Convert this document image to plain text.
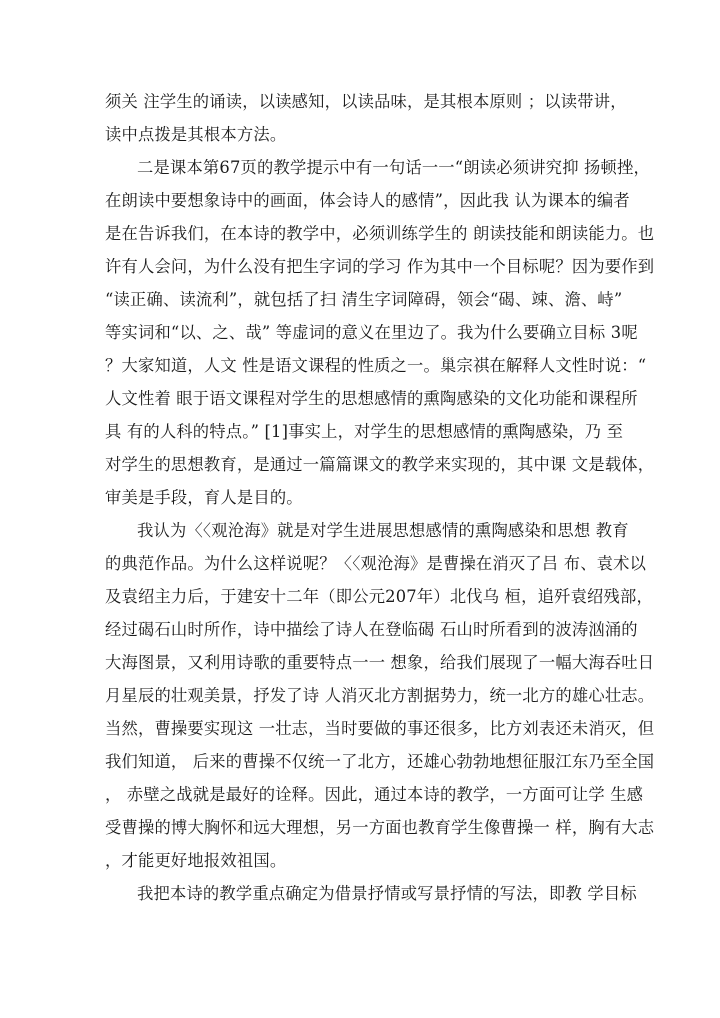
须关 注学生的诵读，以读感知，以读品味，是其根本原则 ；以读带讲，
读中点拨是其根本方法。
二是课本第67页的教学提示中有一句话一一“朗读必须讲究抑 扬顿挫，
在朗读中要想象诗中的画面，体会诗人的感情”，因此我 认为课本的编者
是在告诉我们，在本诗的教学中，必须训练学生的 朗读技能和朗读能力。也
许有人会问，为什么没有把生字词的学习 作为其中一个目标呢？因为要作到
“读正确、读流利”，就包括了扫 清生字词障碍，领会“碣、竦、澹、峙”
等实词和“以、之、哉” 等虚词的意义在里边了。我为什么要确立目标 3呢
？大家知道，人文 性是语文课程的性质之一。巢宗祺在解释人文性时说：“
人文性着 眼于语文课程对学生的思想感情的熏陶感染的文化功能和课程所
具 有的人科的特点。” [1]事实上，对学生的思想感情的熏陶感染，乃 至
对学生的思想教育，是通过一篇篇课文的教学来实现的，其中课 文是载体，
审美是手段，育人是目的。
我认为〈〈观沧海》就是对学生进展思想感情的熏陶感染和思想 教育
的典范作品。为什么这样说呢？〈〈观沧海》是曹操在消灭了吕 布、袁术以
及袁绍主力后，于建安十二年（即公元207年）北伐乌 桓，追歼袁绍残部，
经过碣石山时所作，诗中描绘了诗人在登临碣 石山时所看到的波涛汹涌的
大海图景，又利用诗歌的重要特点一一 想象，给我们展现了一幅大海吞吐日
月星辰的壮观美景，抒发了诗 人消灭北方割据势力，统一北方的雄心壮志。
当然，曹操要实现这 一壮志，当时要做的事还很多，比方刘表还未消灭，但
我们知道， 后来的曹操不仅统一了北方，还雄心勃勃地想征服江东乃至全国
， 赤壁之战就是最好的诠释。因此，通过本诗的教学，一方面可让学 生感
受曹操的博大胸怀和远大理想，另一方面也教育学生像曹操一 样，胸有大志
，才能更好地报效祖国。
我把本诗的教学重点确定为借景抒情或写景抒情的写法，即教 学目标
